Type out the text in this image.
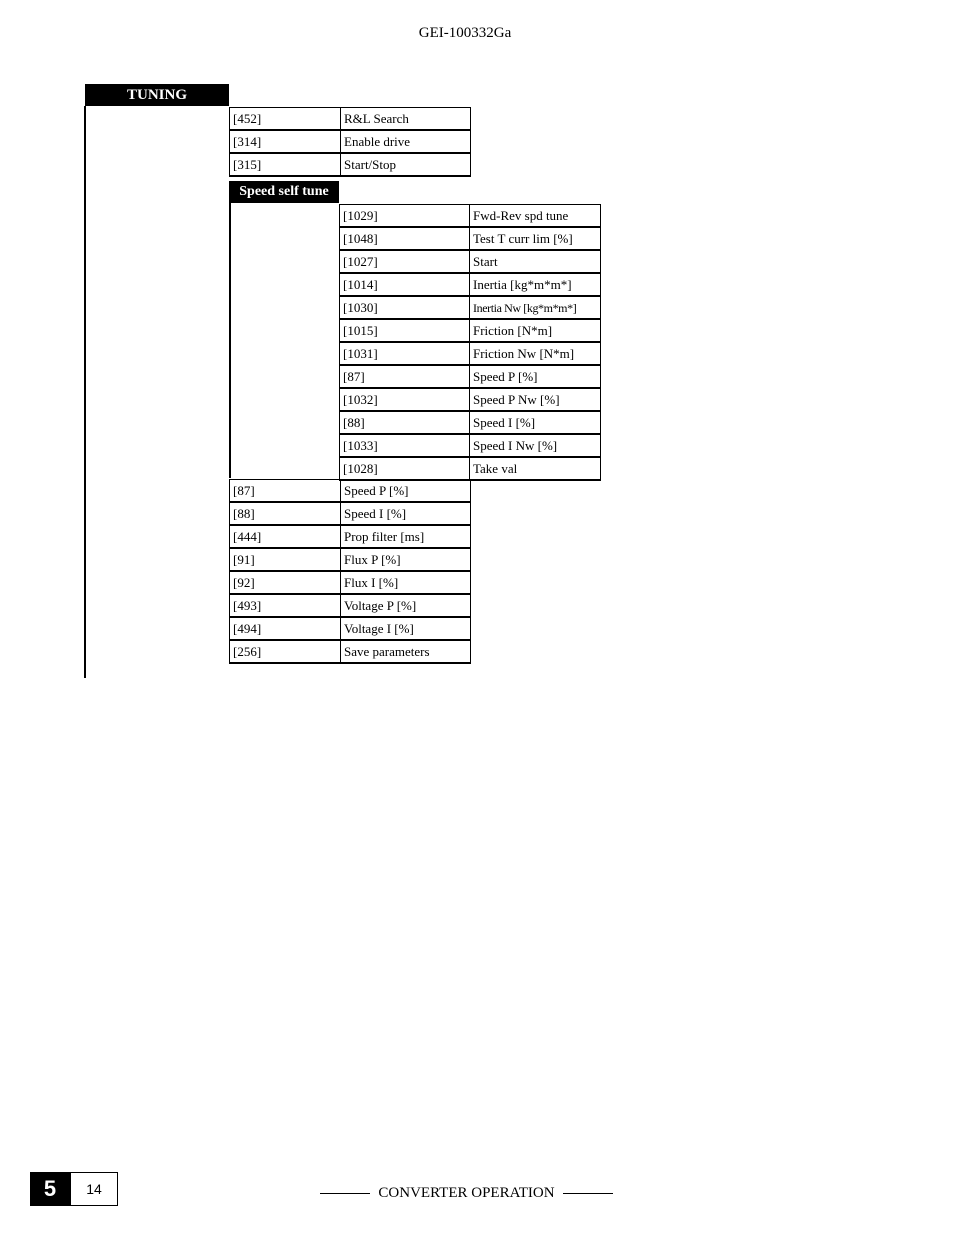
GEI-100332Ga
TUNING
[452]	R&L Search
[314]	Enable drive
[315]	Start/Stop
Speed self tune
[1029]	Fwd-Rev spd tune
[1048]	Test T curr lim [%]
[1027]	Start
[1014]	Inertia [kg*m*m*]
[1030]	Inertia Nw [kg*m*m*]
[1015]	Friction [N*m]
[1031]	Friction Nw [N*m]
[87]	Speed P [%]
[1032]	Speed P Nw [%]
[88]	Speed I [%]
[1033]	Speed I Nw [%]
[1028]	Take val
[87]	Speed P [%]
[88]	Speed I [%]
[444]	Prop filter [ms]
[91]	Flux P [%]
[92]	Flux I [%]
[493]	Voltage P [%]
[494]	Voltage I [%]
[256]	Save parameters
5	14	CONVERTER OPERATION
